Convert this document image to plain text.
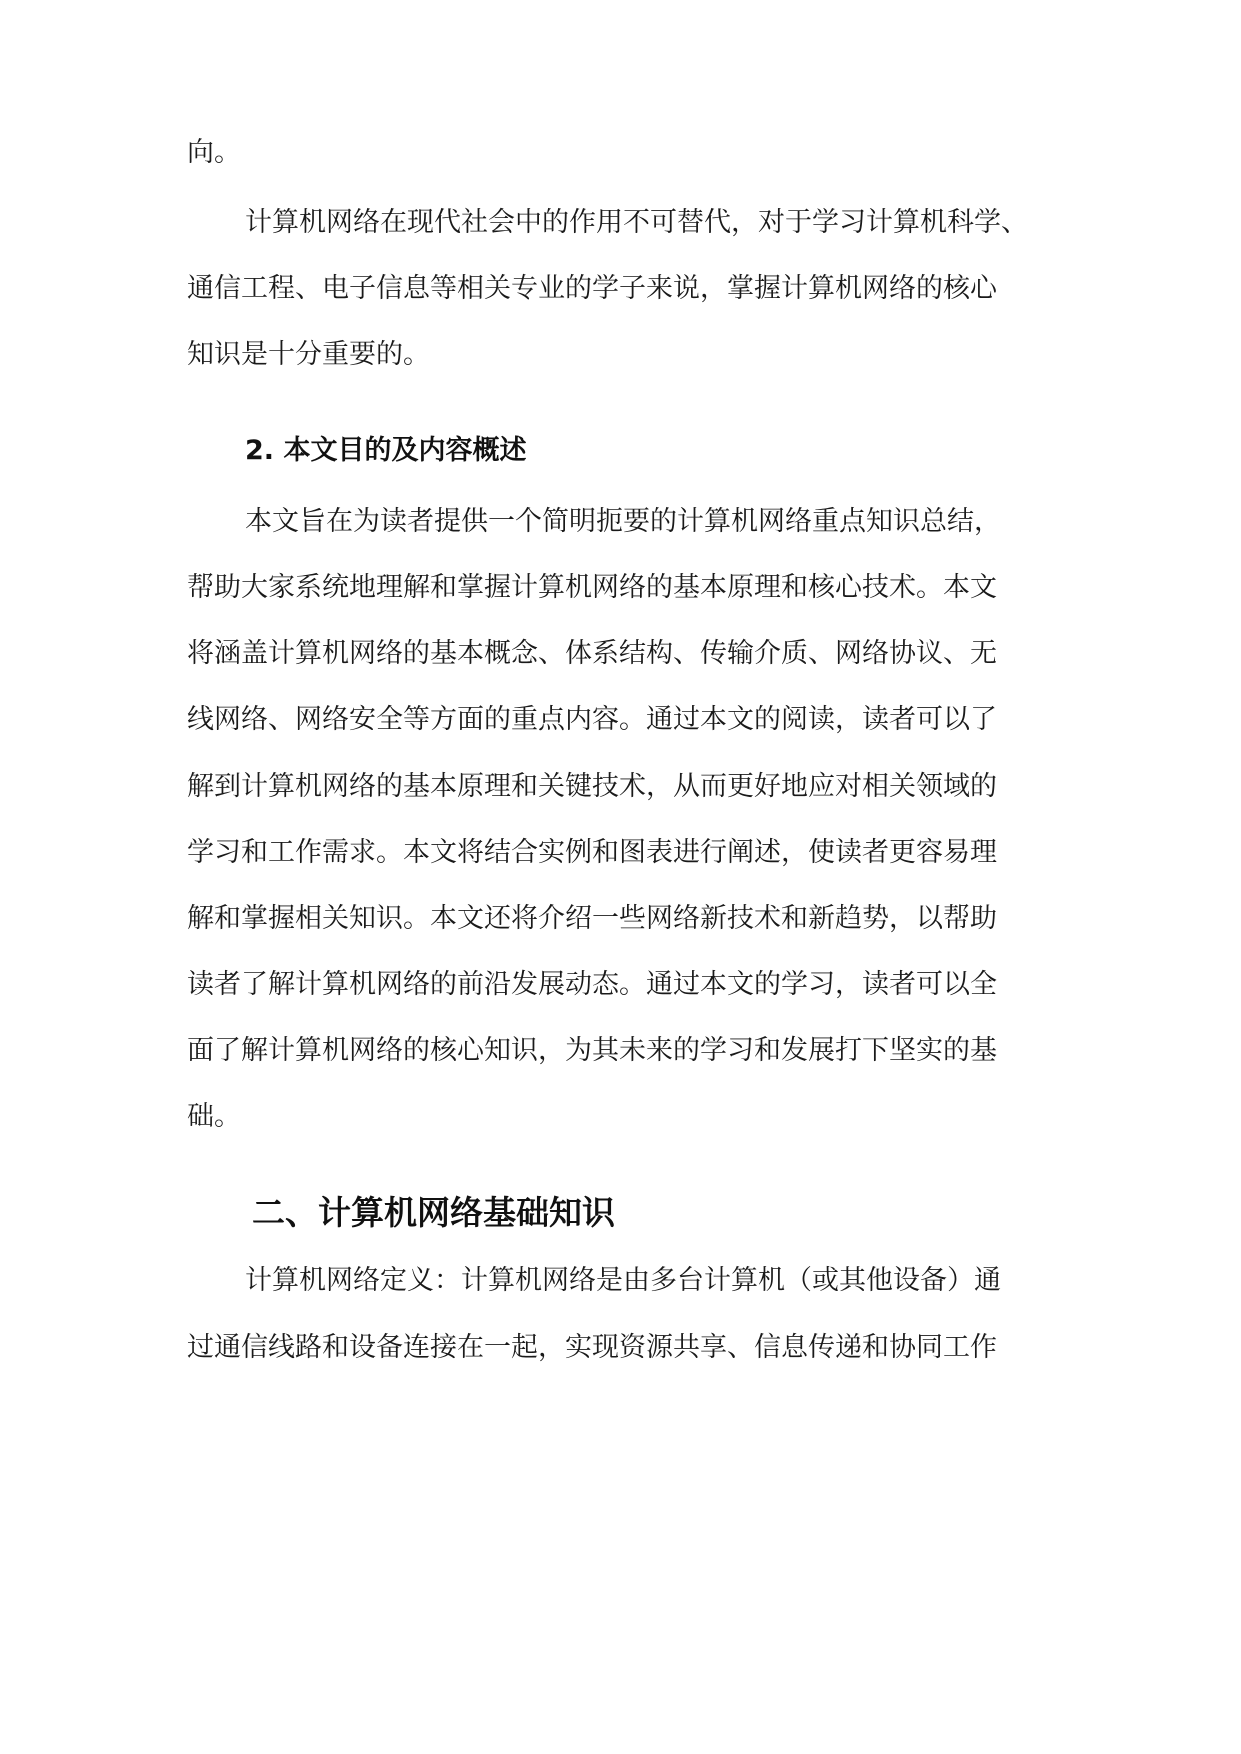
向。
计算机网络在现代社会中的作用不可替代，对于学习计算机科学、
通信工程、电子信息等相关专业的学子来说，掌握计算机网络的核心
知识是十分重要的。
2. 本文目的及内容概述
本文旨在为读者提供一个简明扼要的计算机网络重点知识总结，
帮助大家系统地理解和掌握计算机网络的基本原理和核心技术。本文
将涵盖计算机网络的基本概念、体系结构、传输介质、网络协议、无
线网络、网络安全等方面的重点内容。通过本文的阅读，读者可以了
解到计算机网络的基本原理和关键技术，从而更好地应对相关领域的
学习和工作需求。本文将结合实例和图表进行阐述，使读者更容易理
解和掌握相关知识。本文还将介绍一些网络新技术和新趋势，以帮助
读者了解计算机网络的前沿发展动态。通过本文的学习，读者可以全
面了解计算机网络的核心知识，为其未来的学习和发展打下坚实的基
础。
二、计算机网络基础知识
计算机网络定义：计算机网络是由多台计算机（或其他设备）通
过通信线路和设备连接在一起，实现资源共享、信息传递和协同工作
